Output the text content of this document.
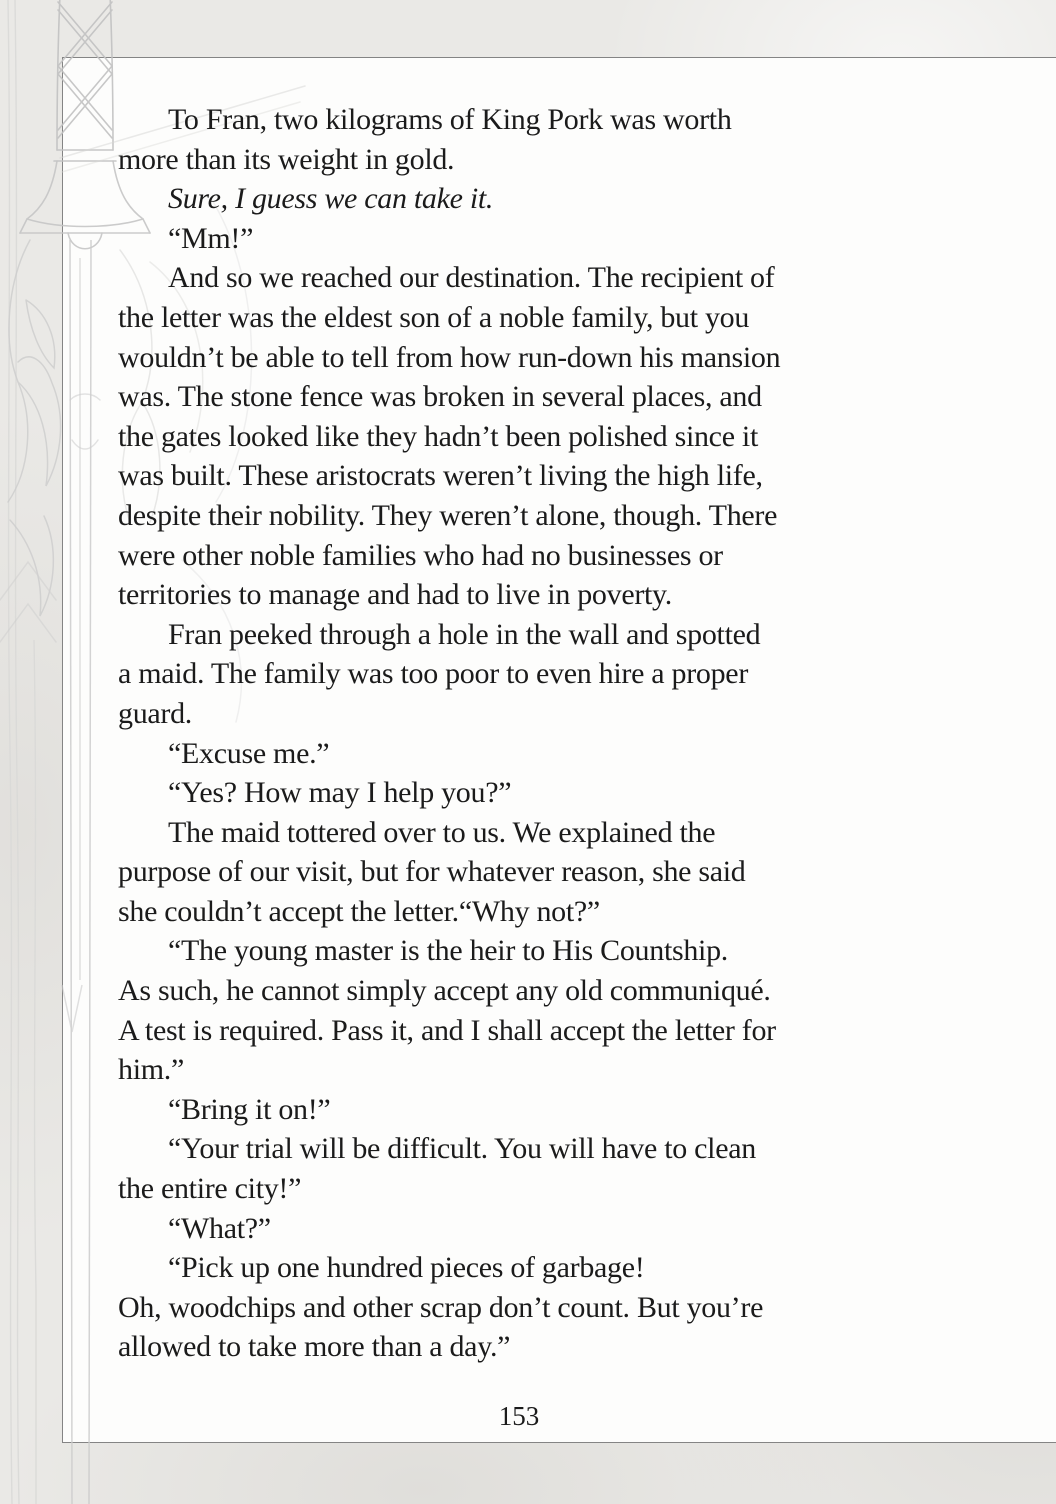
To Fran, two kilograms of King Pork was worth
more than its weight in gold.
Sure, I guess we can take it.
“Mm!”
And so we reached our destination. The recipient of
the letter was the eldest son of a noble family, but you
wouldn’t be able to tell from how run-down his mansion
was. The stone fence was broken in several places, and
the gates looked like they hadn’t been polished since it
was built. These aristocrats weren’t living the high life,
despite their nobility. They weren’t alone, though. There
were other noble families who had no businesses or
territories to manage and had to live in poverty.
Fran peeked through a hole in the wall and spotted
a maid. The family was too poor to even hire a proper
guard.
“Excuse me.”
“Yes? How may I help you?”
The maid tottered over to us. We explained the
purpose of our visit, but for whatever reason, she said
she couldn’t accept the letter.“Why not?”
“The young master is the heir to His Countship.
As such, he cannot simply accept any old communiqué.
A test is required. Pass it, and I shall accept the letter for
him.”
“Bring it on!”
“Your trial will be difficult. You will have to clean
the entire city!”
“What?”
“Pick up one hundred pieces of garbage!
Oh, woodchips and other scrap don’t count. But you’re
allowed to take more than a day.”
153
